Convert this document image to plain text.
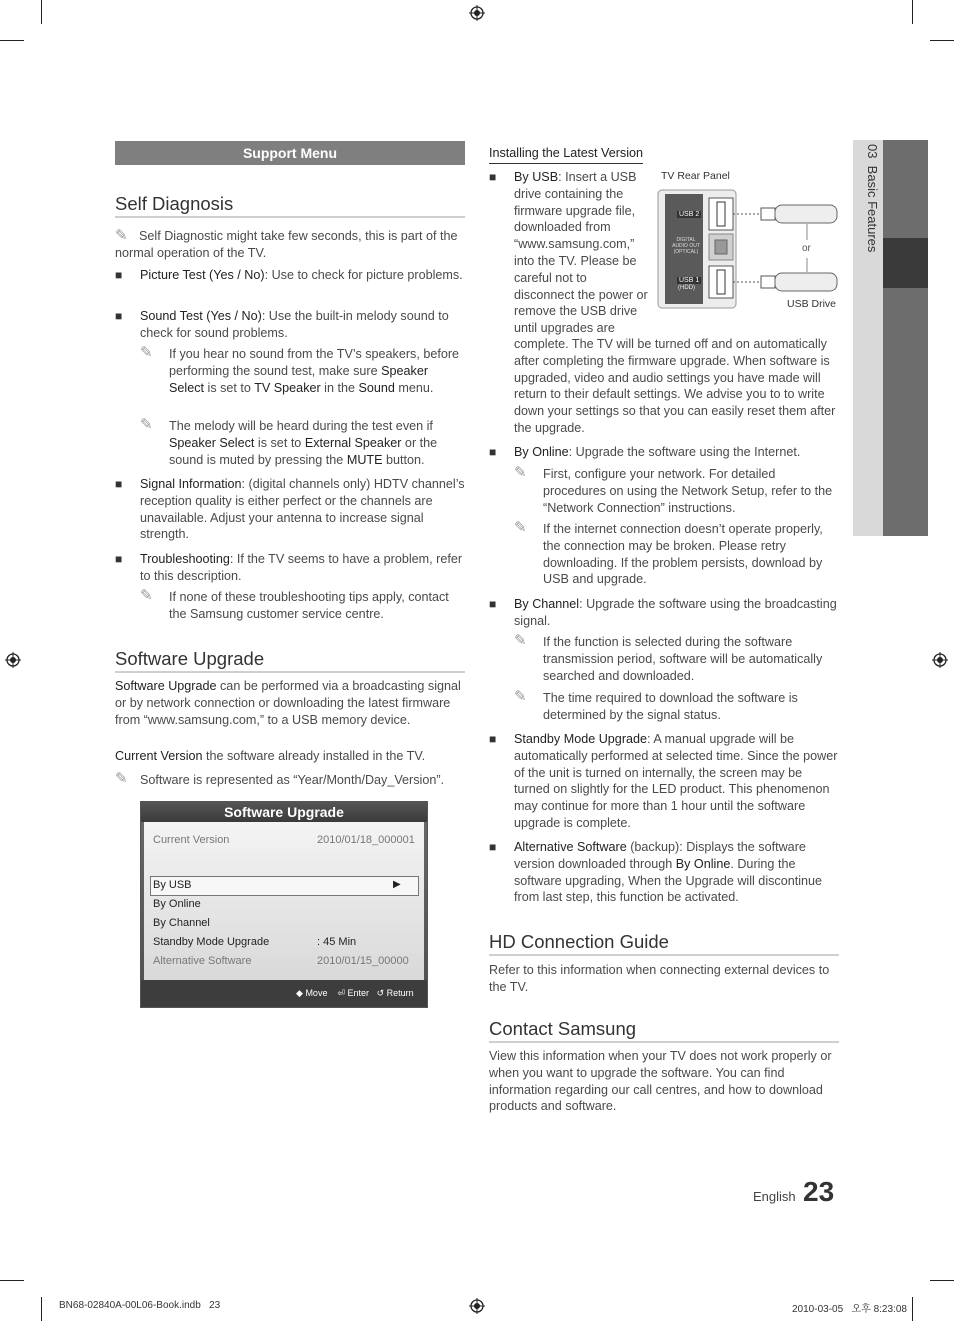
03  Basic Features
Support Menu
Self Diagnosis
✎ Self Diagnostic might take few seconds, this is part of the normal operation of the TV.
■ Picture Test (Yes / No): Use to check for picture problems.
■ Sound Test (Yes / No): Use the built-in melody sound to check for sound problems.
✎ If you hear no sound from the TV’s speakers, before performing the sound test, make sure Speaker Select is set to TV Speaker in the Sound menu.
✎ The melody will be heard during the test even if Speaker Select is set to External Speaker or the sound is muted by pressing the MUTE button.
■ Signal Information: (digital channels only) HDTV channel’s reception quality is either perfect or the channels are unavailable. Adjust your antenna to increase signal strength.
■ Troubleshooting: If the TV seems to have a problem, refer to this description.
✎ If none of these troubleshooting tips apply, contact the Samsung customer service centre.
Software Upgrade
Software Upgrade can be performed via a broadcasting signal or by network connection or downloading the latest firmware from “www.samsung.com,” to a USB memory device.
Current Version the software already installed in the TV.
✎ Software is represented as “Year/Month/Day_Version”.
Software Upgrade
Current Version	2010/01/18_000001
By USB	▶
By Online
By Channel
Standby Mode Upgrade	: 45 Min
Alternative Software	2010/01/15_00000
◆ Move ⏎ Enter ↺ Return
Installing the Latest Version
■ By USB: Insert a USB drive containing the firmware upgrade file, downloaded from “www.samsung.com,” into the TV. Please be careful not to disconnect the power or remove the USB drive until upgrades are
complete. The TV will be turned off and on automatically after completing the firmware upgrade. When software is upgraded, video and audio settings you have made will return to their default settings. We advise you to to write down your settings so that you can easily reset them after the upgrade.
TV Rear Panel
USB 2
DIGITAL AUDIO OUT (OPTICAL)
USB 1
(HDD)
or
USB Drive
■ By Online: Upgrade the software using the Internet.
✎ First, configure your network. For detailed procedures on using the Network Setup, refer to the “Network Connection” instructions.
✎ If the internet connection doesn’t operate properly, the connection may be broken. Please retry downloading. If the problem persists, download by USB and upgrade.
■ By Channel: Upgrade the software using the broadcasting signal.
✎ If the function is selected during the software transmission period, software will be automatically searched and downloaded.
✎ The time required to download the software is determined by the signal status.
■ Standby Mode Upgrade: A manual upgrade will be automatically performed at selected time. Since the power of the unit is turned on internally, the screen may be turned on slightly for the LED product. This phenomenon may continue for more than 1 hour until the software upgrade is complete.
■ Alternative Software (backup): Displays the software version downloaded through By Online. During the software upgrading, When the Upgrade will discontinue from last step, this function be activated.
HD Connection Guide
Refer to this information when connecting external devices to the TV.
Contact Samsung
View this information when your TV does not work properly or when you want to upgrade the software. You can find information regarding our call centres, and how to download products and software.
English 23
BN68-02840A-00L06-Book.indb   23	2010-03-05   오후 8:23:08
